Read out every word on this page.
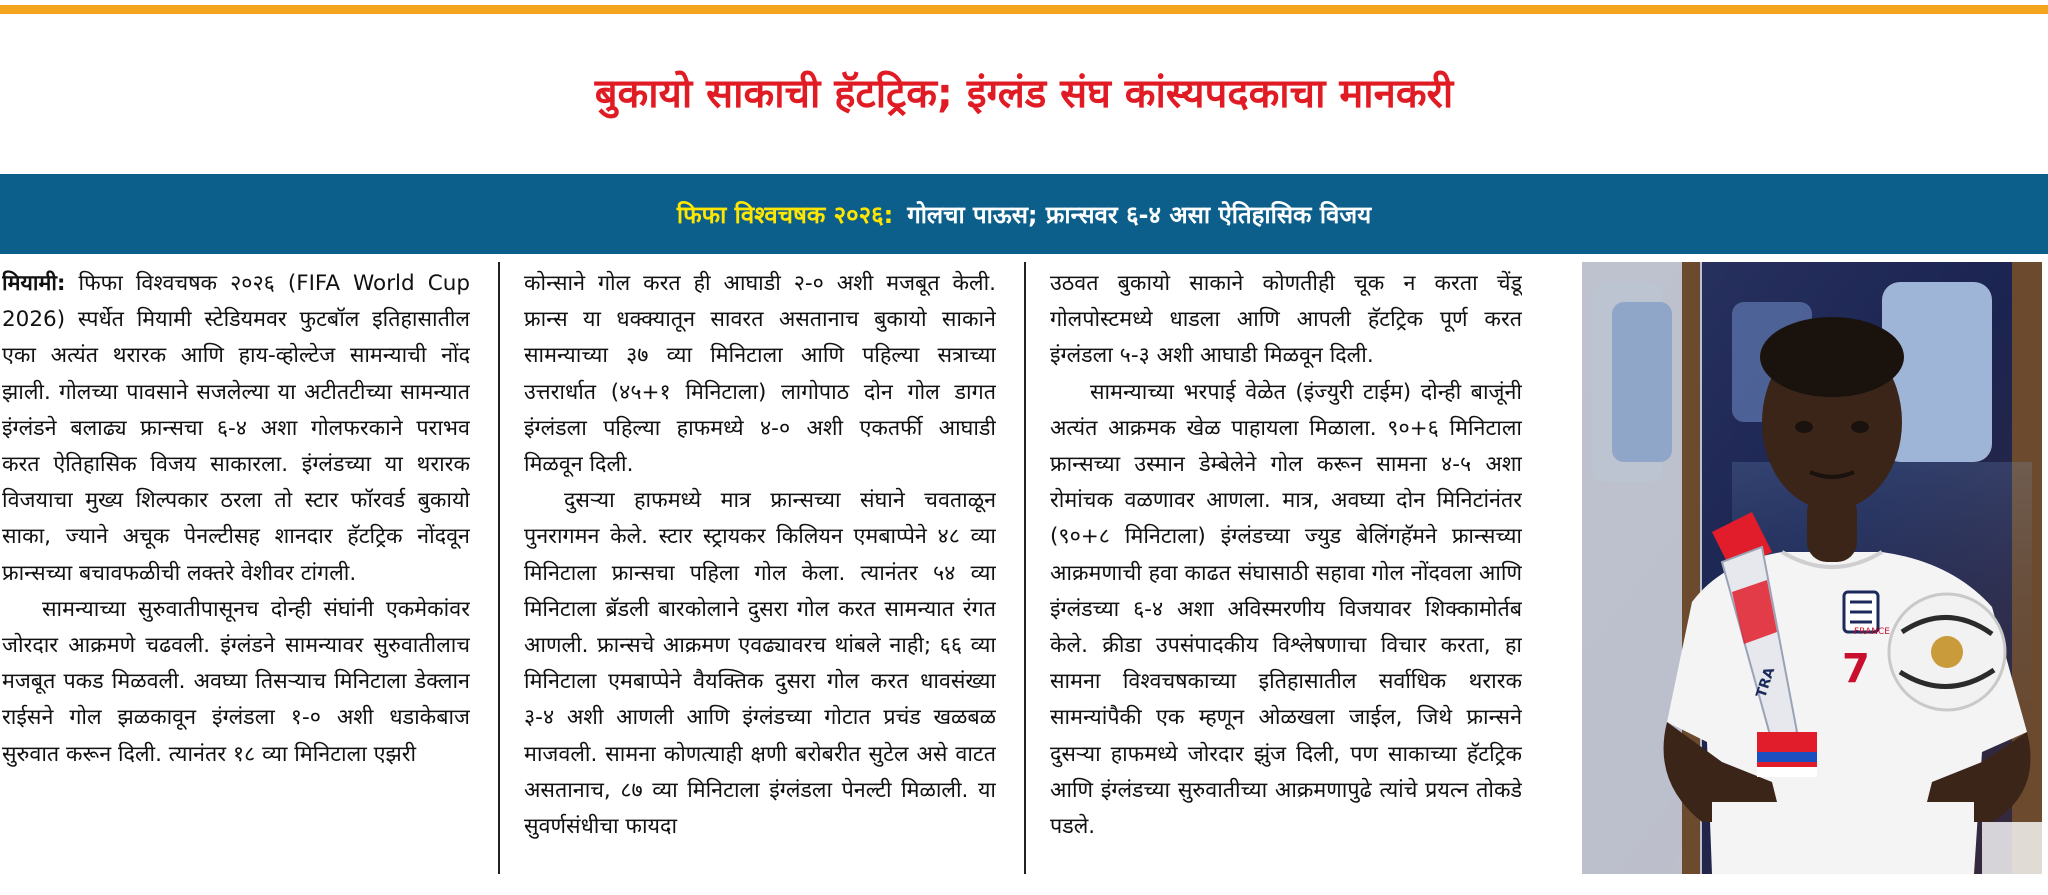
बुकायो साकाची हॅटट्रिक; इंग्लंड संघ कांस्यपदकाचा मानकरी
फिफा विश्वचषक २०२६: गोलचा पाऊस; फ्रान्सवर ६-४ असा ऐतिहासिक विजय

मियामी: फिफा विश्वचषक २०२६ (FIFA World Cup 2026) स्पर्धेत मियामी स्टेडियमवर फुटबॉल इतिहासातील एका अत्यंत थरारक आणि हाय-व्होल्टेज सामन्याची नोंद झाली. गोलच्या पावसाने सजलेल्या या अटीतटीच्या सामन्यात इंग्लंडने बलाढ्य फ्रान्सचा ६-४ अशा गोलफरकाने पराभव करत ऐतिहासिक विजय साकारला. इंग्लंडच्या या थरारक विजयाचा मुख्य शिल्पकार ठरला तो स्टार फॉरवर्ड बुकायो साका, ज्याने अचूक पेनल्टीसह शानदार हॅटट्रिक नोंदवून फ्रान्सच्या बचावफळीची लक्तरे वेशीवर टांगली.

सामन्याच्या सुरुवातीपासूनच दोन्ही संघांनी एकमेकांवर जोरदार आक्रमणे चढवली. इंग्लंडने सामन्यावर सुरुवातीलाच मजबूत पकड मिळवली. अवघ्या तिसऱ्याच मिनिटाला डेक्लान राईसने गोल झळकावून इंग्लंडला १-० अशी धडाकेबाज सुरुवात करून दिली. त्यानंतर १८ व्या मिनिटाला एझरी

कोन्साने गोल करत ही आघाडी २-० अशी मजबूत केली. फ्रान्स या धक्क्यातून सावरत असतानाच बुकायो साकाने सामन्याच्या ३७ व्या मिनिटाला आणि पहिल्या सत्राच्या उत्तरार्धात (४५+१ मिनिटाला) लागोपाठ दोन गोल डागत इंग्लंडला पहिल्या हाफमध्ये ४-० अशी एकतर्फी आघाडी मिळवून दिली.

दुसऱ्या हाफमध्ये मात्र फ्रान्सच्या संघाने चवताळून पुनरागमन केले. स्टार स्ट्रायकर किलियन एमबाप्पेने ४८ व्या मिनिटाला फ्रान्सचा पहिला गोल केला. त्यानंतर ५४ व्या मिनिटाला ब्रॅडली बारकोलाने दुसरा गोल करत सामन्यात रंगत आणली. फ्रान्सचे आक्रमण एवढ्यावरच थांबले नाही; ६६ व्या मिनिटाला एमबाप्पेने वैयक्तिक दुसरा गोल करत धावसंख्या ३-४ अशी आणली आणि इंग्लंडच्या गोटात प्रचंड खळबळ माजवली. सामना कोणत्याही क्षणी बरोबरीत सुटेल असे वाटत असतानाच, ८७ व्या मिनिटाला इंग्लंडला पेनल्टी मिळाली. या सुवर्णसंधीचा फायदा

उठवत बुकायो साकाने कोणतीही चूक न करता चेंडू गोलपोस्टमध्ये धाडला आणि आपली हॅटट्रिक पूर्ण करत इंग्लंडला ५-३ अशी आघाडी मिळवून दिली.

सामन्याच्या भरपाई वेळेत (इंज्युरी टाईम) दोन्ही बाजूंनी अत्यंत आक्रमक खेळ पाहायला मिळाला. ९०+६ मिनिटाला फ्रान्सच्या उस्मान डेम्बेलेने गोल करून सामना ४-५ अशा रोमांचक वळणावर आणला. मात्र, अवघ्या दोन मिनिटांनंतर (९०+८ मिनिटाला) इंग्लंडच्या ज्युड बेलिंगहॅमने फ्रान्सच्या आक्रमणाची हवा काढत संघासाठी सहावा गोल नोंदवला आणि इंग्लंडच्या ६-४ अशा अविस्मरणीय विजयावर शिक्कामोर्तब केले. क्रीडा उपसंपादकीय विश्लेषणाचा विचार करता, हा सामना विश्वचषकाच्या इतिहासातील सर्वाधिक थरारक सामन्यांपैकी एक म्हणून ओळखला जाईल, जिथे फ्रान्सने दुसऱ्या हाफमध्ये जोरदार झुंज दिली, पण साकाच्या हॅटट्रिक आणि इंग्लंडच्या सुरुवातीच्या आक्रमणापुढे त्यांचे प्रयत्न तोकडे पडले.

7
FRANCE
TRA
